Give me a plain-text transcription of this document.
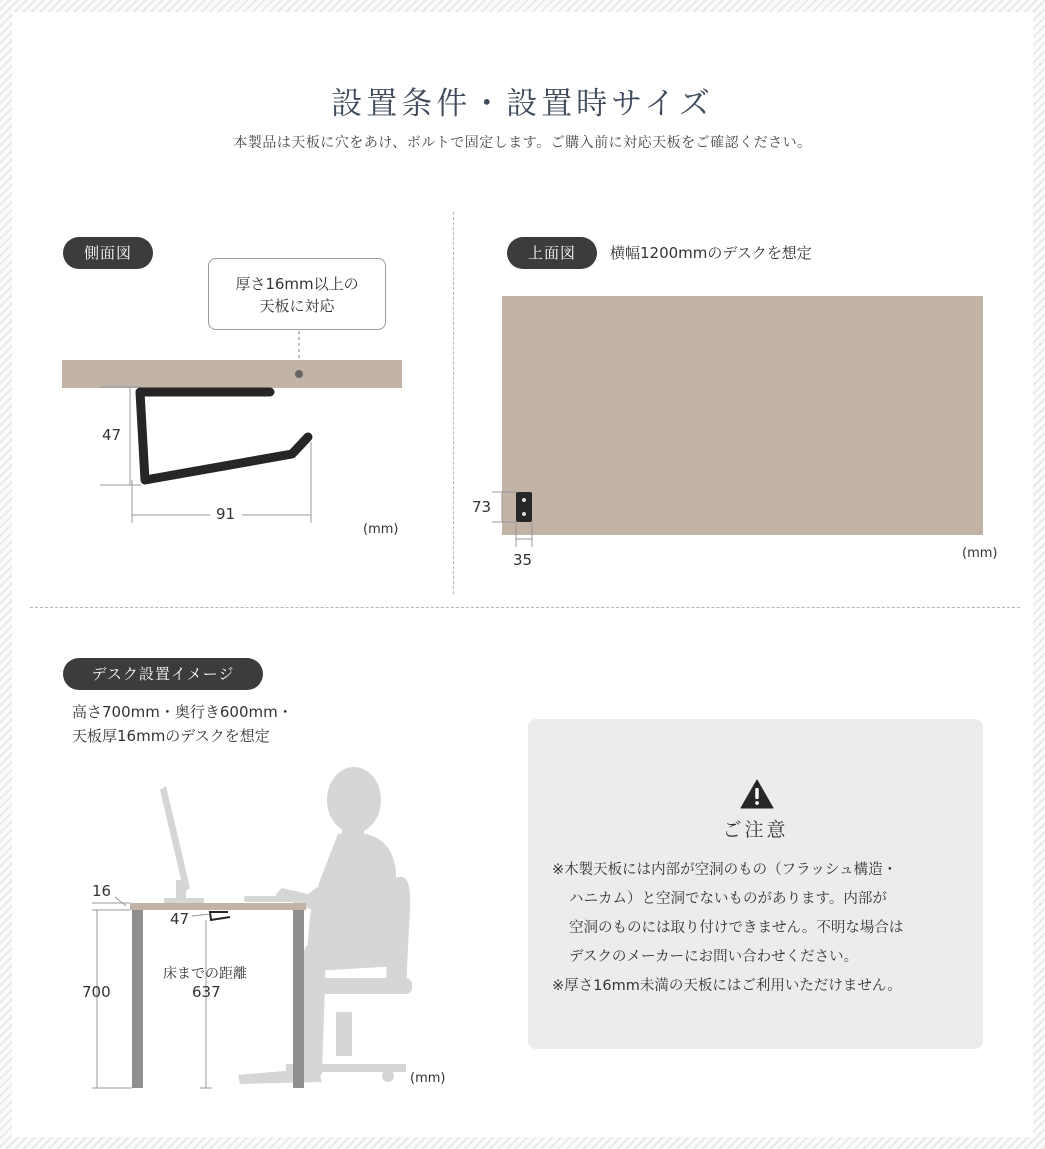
設置条件・設置時サイズ
本製品は天板に穴をあけ、ボルトで固定します。ご購入前に対応天板をご確認ください。
側面図
厚さ16mm以上の
天板に対応
47
91
(mm)
上面図	横幅1200mmのデスクを想定
73
35	(mm)
デスク設置イメージ
高さ700mm・奥行き600mm・
天板厚16mmのデスクを想定
16
47
700
床までの距離
637
(mm)
ご注意
※木製天板には内部が空洞のもの（フラッシュ構造・
ハニカム）と空洞でないものがあります。内部が
空洞のものには取り付けできません。不明な場合は
デスクのメーカーにお問い合わせください。
※厚さ16mm未満の天板にはご利用いただけません。
